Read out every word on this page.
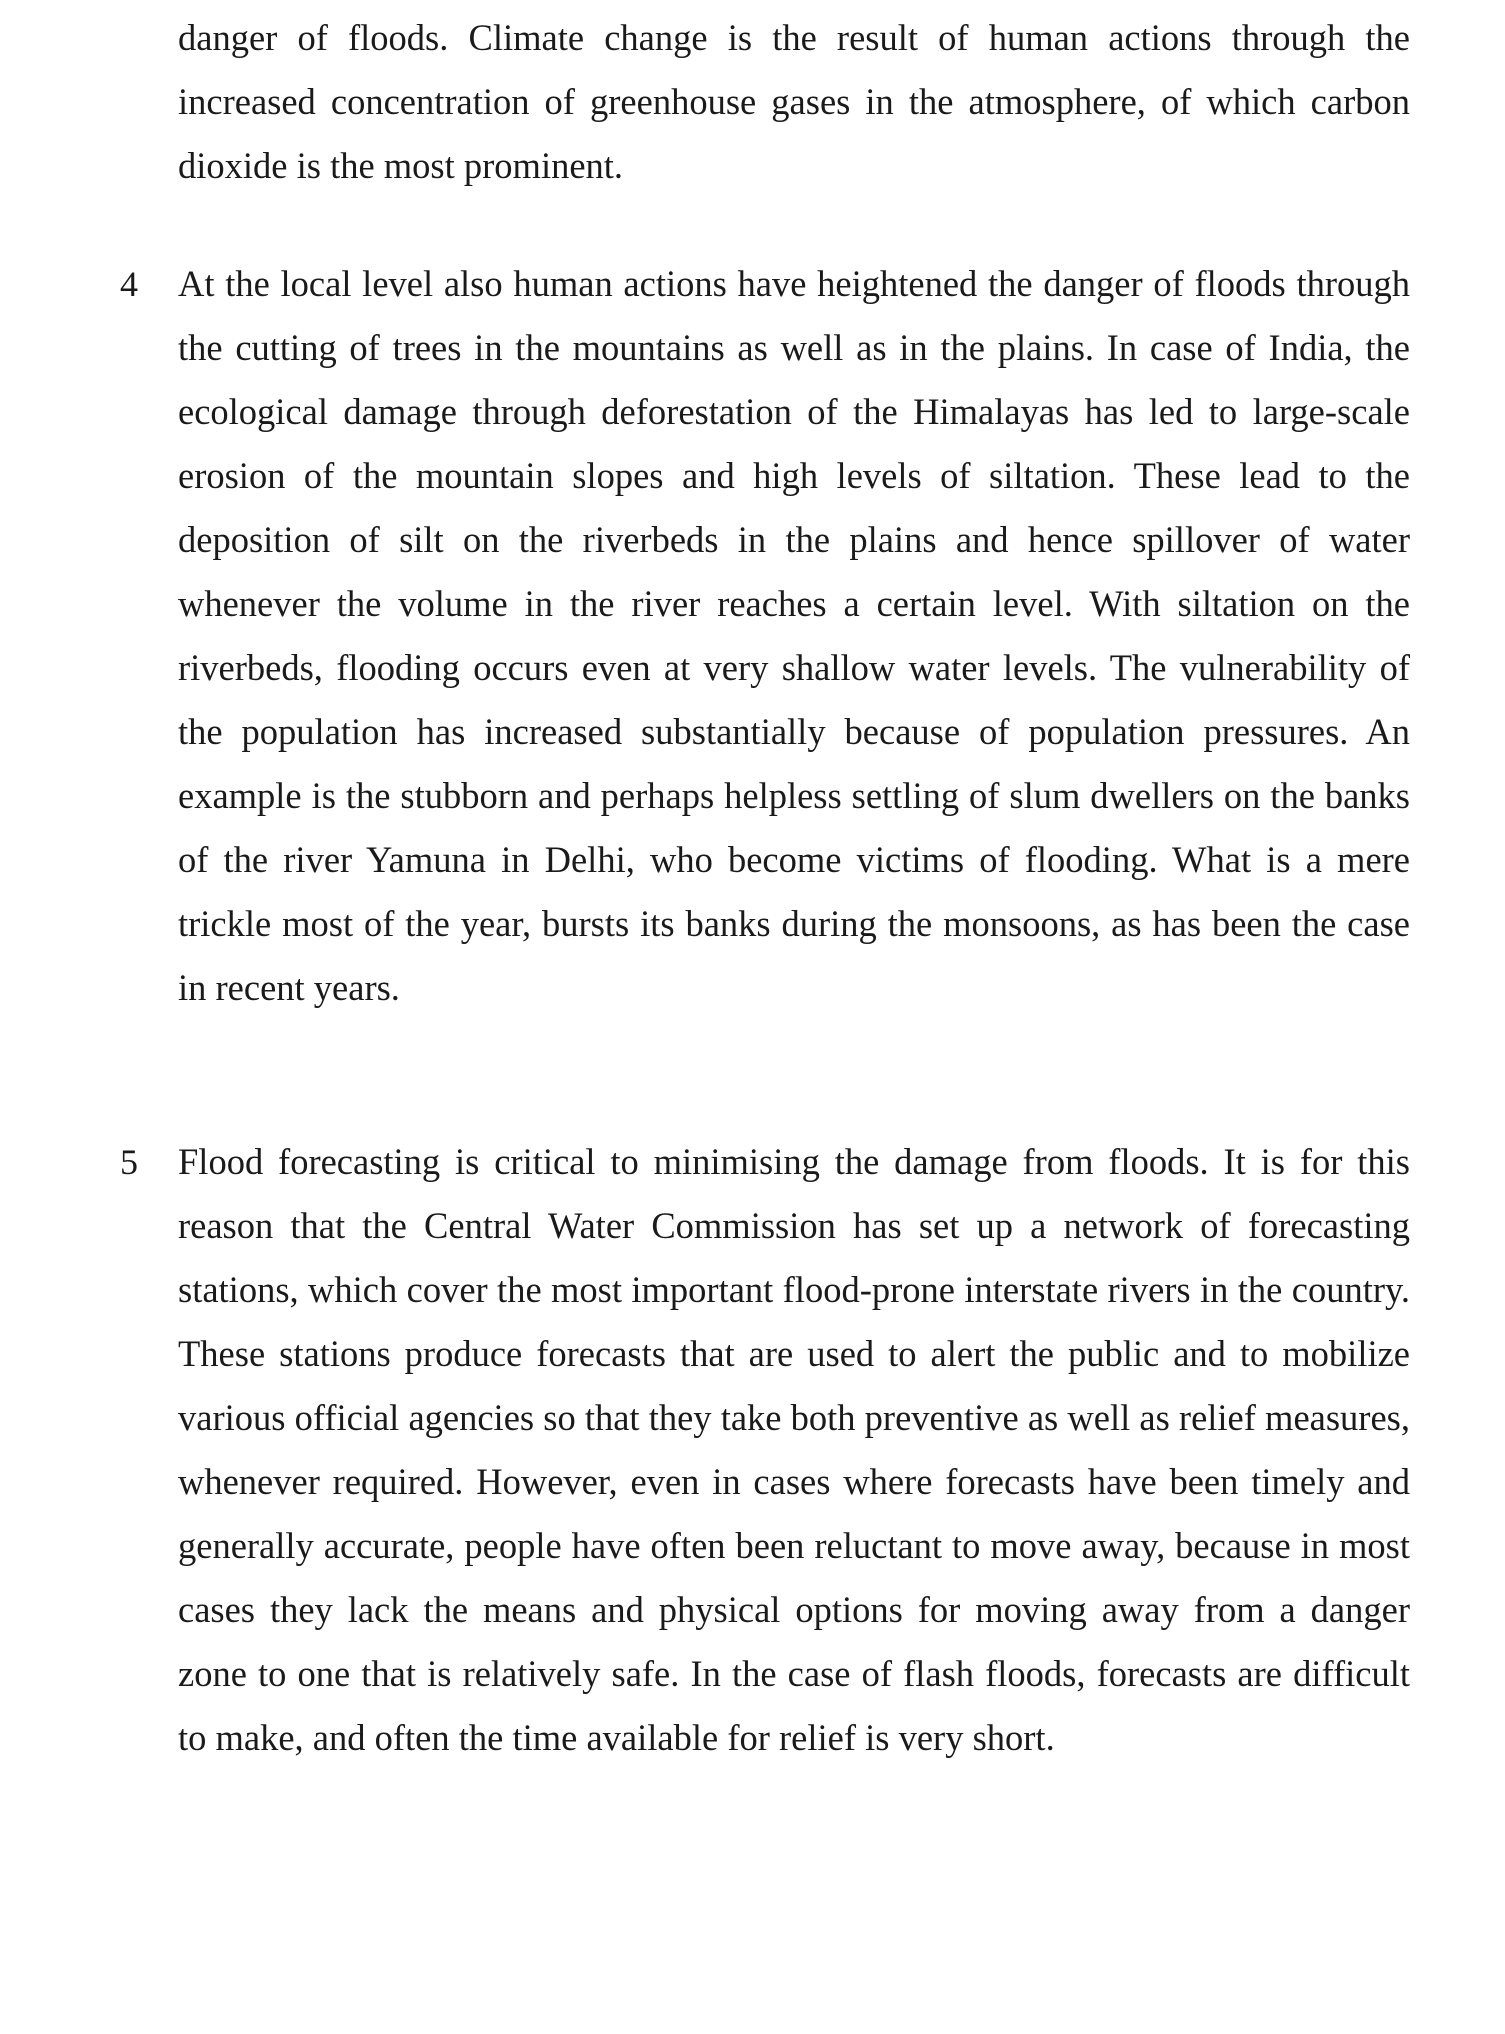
danger of floods. Climate change is the result of human actions through the increased concentration of greenhouse gases in the atmosphere, of which carbon dioxide is the most prominent.

4	At the local level also human actions have heightened the danger of floods through the cutting of trees in the mountains as well as in the plains. In case of India, the ecological damage through deforestation of the Himalayas has led to large-scale erosion of the mountain slopes and high levels of siltation. These lead to the deposition of silt on the riverbeds in the plains and hence spillover of water whenever the volume in the river reaches a certain level. With siltation on the riverbeds, flooding occurs even at very shallow water levels. The vulnerability of the population has increased substantially because of population pressures. An example is the stubborn and perhaps helpless settling of slum dwellers on the banks of the river Yamuna in Delhi, who become victims of flooding. What is a mere trickle most of the year, bursts its banks during the monsoons, as has been the case in recent years.

5	Flood forecasting is critical to minimising the damage from floods. It is for this reason that the Central Water Commission has set up a network of forecasting stations, which cover the most important flood-prone interstate rivers in the country. These stations produce forecasts that are used to alert the public and to mobilize various official agencies so that they take both preventive as well as relief measures, whenever required. However, even in cases where forecasts have been timely and generally accurate, people have often been reluctant to move away, because in most cases they lack the means and physical options for moving away from a danger zone to one that is relatively safe. In the case of flash floods, forecasts are difficult to make, and often the time available for relief is very short.
